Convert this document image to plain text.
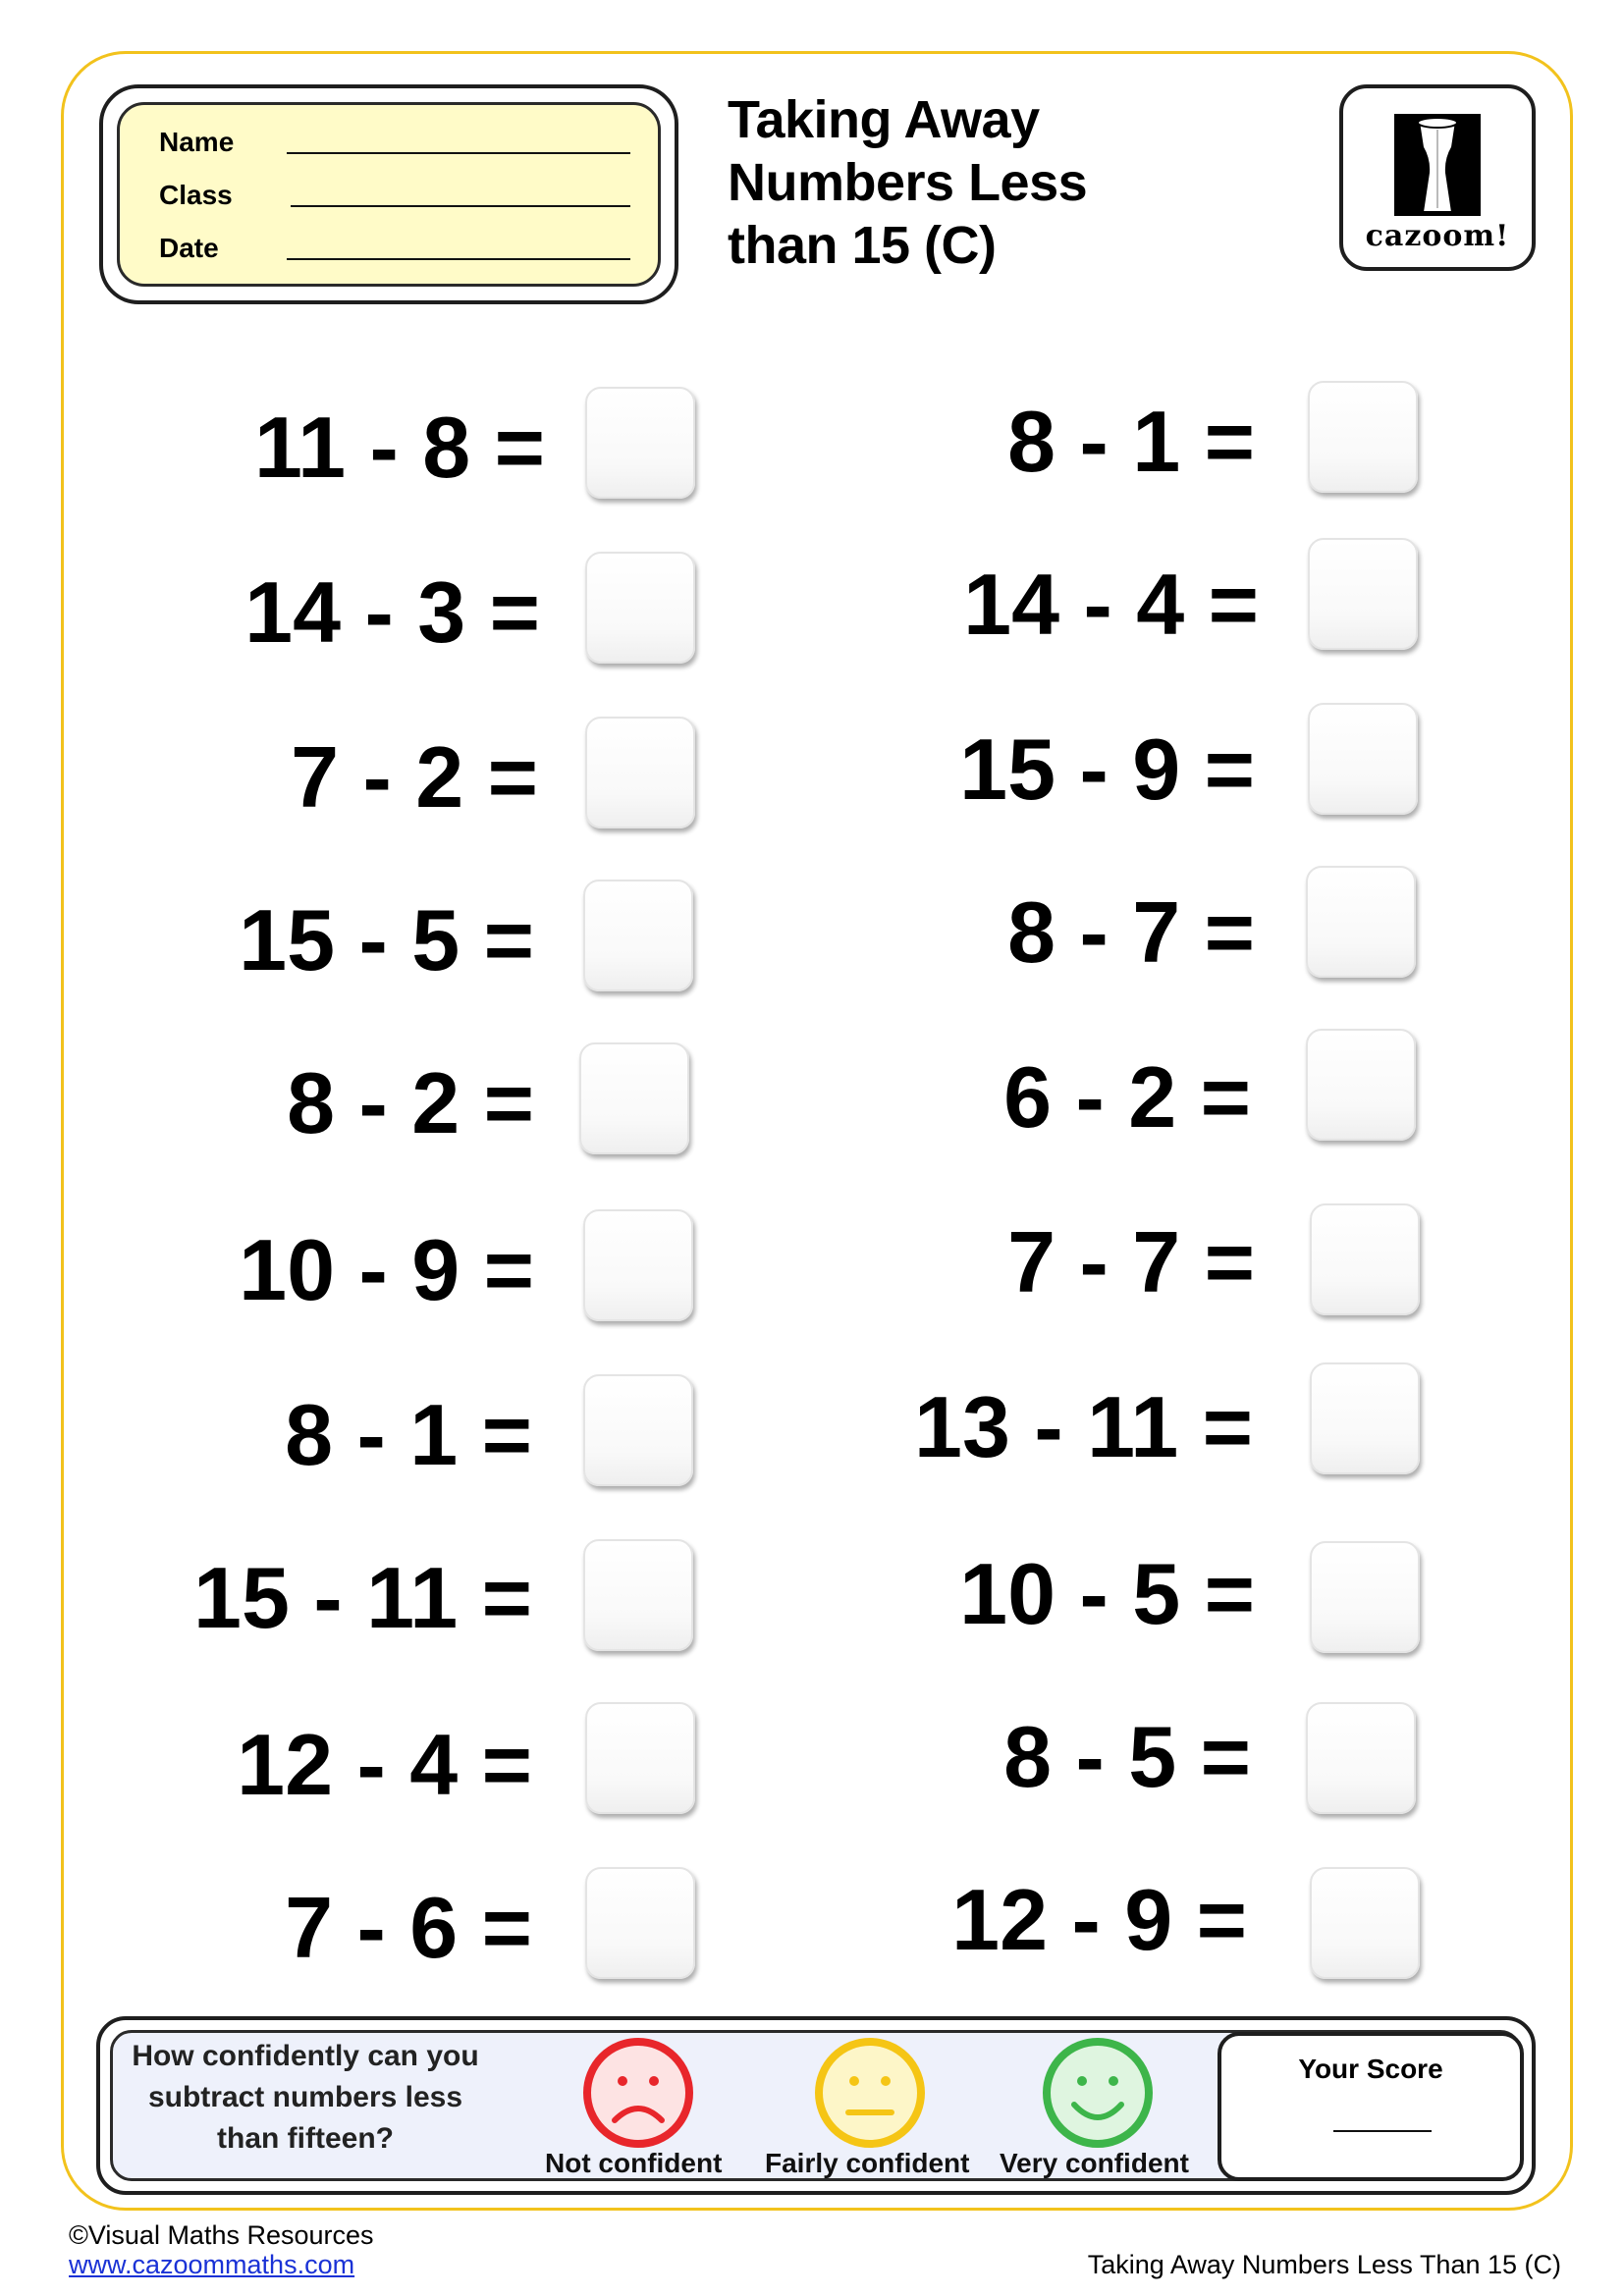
Name
Class
Date
Taking Away Numbers Less than 15 (C)	cazoom!
11 - 8 =
14 - 3 =
7 - 2 =
15 - 5 =
8 - 2 =
10 - 9 =
8 - 1 =
15 - 11 =
12 - 4 =
7 - 6 =
8 - 1 =
14 - 4 =
15 - 9 =
8 - 7 =
6 - 2 =
7 - 7 =
13 - 11 =
10 - 5 =
8 - 5 =
12 - 9 =
How confidently can you subtract numbers less than fifteen?
Not confident Fairly confident Very confident
Your Score
©Visual Maths Resources
www.cazoommaths.com	Taking Away Numbers Less Than 15 (C)
